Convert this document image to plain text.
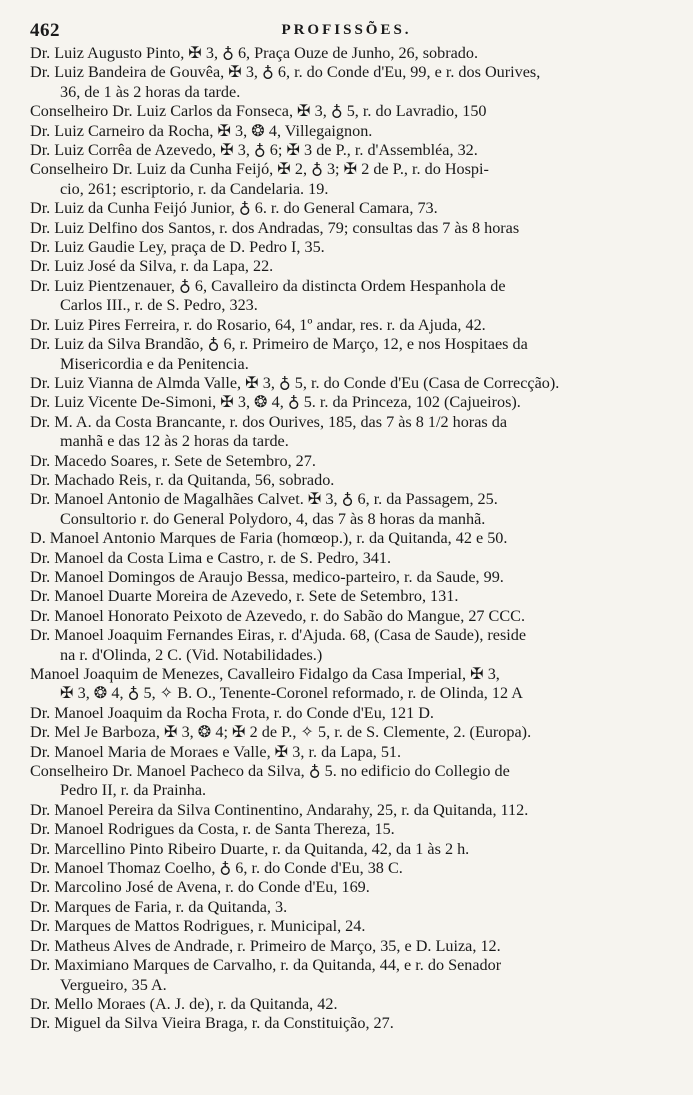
462	PROFISSÕES.
Dr. Luiz Augusto Pinto, ✠ 3, ♁ 6, Praça Ouze de Junho, 26, sobrado.
Dr. Luiz Bandeira de Gouvêa, ✠ 3, ♁ 6, r. do Conde d'Eu, 99, e r. dos Ourives,
36, de 1 às 2 horas da tarde.
Conselheiro Dr. Luiz Carlos da Fonseca, ✠ 3, ♁ 5, r. do Lavradio, 150
Dr. Luiz Carneiro da Rocha, ✠ 3, ❂ 4, Villegaignon.
Dr. Luiz Corrêa de Azevedo, ✠ 3, ♁ 6; ✠ 3 de P., r. d'Assembléa, 32.
Conselheiro Dr. Luiz da Cunha Feijó, ✠ 2, ♁ 3; ✠ 2 de P., r. do Hospi-
cio, 261; escriptorio, r. da Candelaria. 19.
Dr. Luiz da Cunha Feijó Junior, ♁ 6. r. do General Camara, 73.
Dr. Luiz Delfino dos Santos, r. dos Andradas, 79; consultas das 7 às 8 horas
Dr. Luiz Gaudie Ley, praça de D. Pedro I, 35.
Dr. Luiz José da Silva, r. da Lapa, 22.
Dr. Luiz Pientzenauer, ♁ 6, Cavalleiro da distincta Ordem Hespanhola de
Carlos III., r. de S. Pedro, 323.
Dr. Luiz Pires Ferreira, r. do Rosario, 64, 1º andar, res. r. da Ajuda, 42.
Dr. Luiz da Silva Brandão, ♁ 6, r. Primeiro de Março, 12, e nos Hospitaes da
Misericordia e da Penitencia.
Dr. Luiz Vianna de Almda Valle, ✠ 3, ♁ 5, r. do Conde d'Eu (Casa de Correcção).
Dr. Luiz Vicente De-Simoni, ✠ 3, ❂ 4, ♁ 5. r. da Princeza, 102 (Cajueiros).
Dr. M. A. da Costa Brancante, r. dos Ourives, 185, das 7 às 8 1/2 horas da
manhã e das 12 às 2 horas da tarde.
Dr. Macedo Soares, r. Sete de Setembro, 27.
Dr. Machado Reis, r. da Quitanda, 56, sobrado.
Dr. Manoel Antonio de Magalhães Calvet. ✠ 3, ♁ 6, r. da Passagem, 25.
Consultorio r. do General Polydoro, 4, das 7 às 8 horas da manhã.
D. Manoel Antonio Marques de Faria (homœop.), r. da Quitanda, 42 e 50.
Dr. Manoel da Costa Lima e Castro, r. de S. Pedro, 341.
Dr. Manoel Domingos de Araujo Bessa, medico-parteiro, r. da Saude, 99.
Dr. Manoel Duarte Moreira de Azevedo, r. Sete de Setembro, 131.
Dr. Manoel Honorato Peixoto de Azevedo, r. do Sabão do Mangue, 27 CCC.
Dr. Manoel Joaquim Fernandes Eiras, r. d'Ajuda. 68, (Casa de Saude), reside
na r. d'Olinda, 2 C. (Vid. Notabilidades.)
Manoel Joaquim de Menezes, Cavalleiro Fidalgo da Casa Imperial, ✠ 3,
✠ 3, ❂ 4, ♁ 5, ✧ B. O., Tenente-Coronel reformado, r. de Olinda, 12 A
Dr. Manoel Joaquim da Rocha Frota, r. do Conde d'Eu, 121 D.
Dr. Mel Je Barboza, ✠ 3, ❂ 4; ✠ 2 de P., ✧ 5, r. de S. Clemente, 2. (Europa).
Dr. Manoel Maria de Moraes e Valle, ✠ 3, r. da Lapa, 51.
Conselheiro Dr. Manoel Pacheco da Silva, ♁ 5. no edificio do Collegio de
Pedro II, r. da Prainha.
Dr. Manoel Pereira da Silva Continentino, Andarahy, 25, r. da Quitanda, 112.
Dr. Manoel Rodrigues da Costa, r. de Santa Thereza, 15.
Dr. Marcellino Pinto Ribeiro Duarte, r. da Quitanda, 42, da 1 às 2 h.
Dr. Manoel Thomaz Coelho, ♁ 6, r. do Conde d'Eu, 38 C.
Dr. Marcolino José de Avena, r. do Conde d'Eu, 169.
Dr. Marques de Faria, r. da Quitanda, 3.
Dr. Marques de Mattos Rodrigues, r. Municipal, 24.
Dr. Matheus Alves de Andrade, r. Primeiro de Março, 35, e D. Luiza, 12.
Dr. Maximiano Marques de Carvalho, r. da Quitanda, 44, e r. do Senador
Vergueiro, 35 A.
Dr. Mello Moraes (A. J. de), r. da Quitanda, 42.
Dr. Miguel da Silva Vieira Braga, r. da Constituição, 27.
